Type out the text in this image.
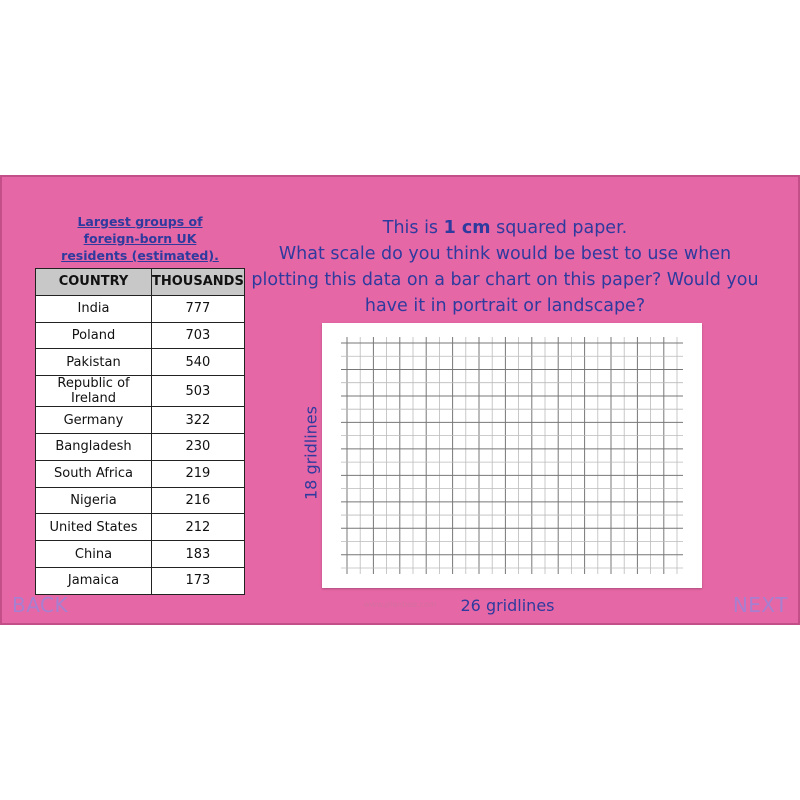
Largest groups of foreign-born UK residents (estimated).
COUNTRY	THOUSANDS
India	777
Poland	703
Pakistan	540
Republic of Ireland	503
Germany	322
Bangladesh	230
South Africa	219
Nigeria	216
United States	212
China	183
Jamaica	173
This is 1 cm squared paper.
What scale do you think would be best to use when plotting this data on a bar chart on this paper? Would you have it in portrait or landscape?
18 gridlines
26 gridlines
www.planbee.com
BACK	NEXT
